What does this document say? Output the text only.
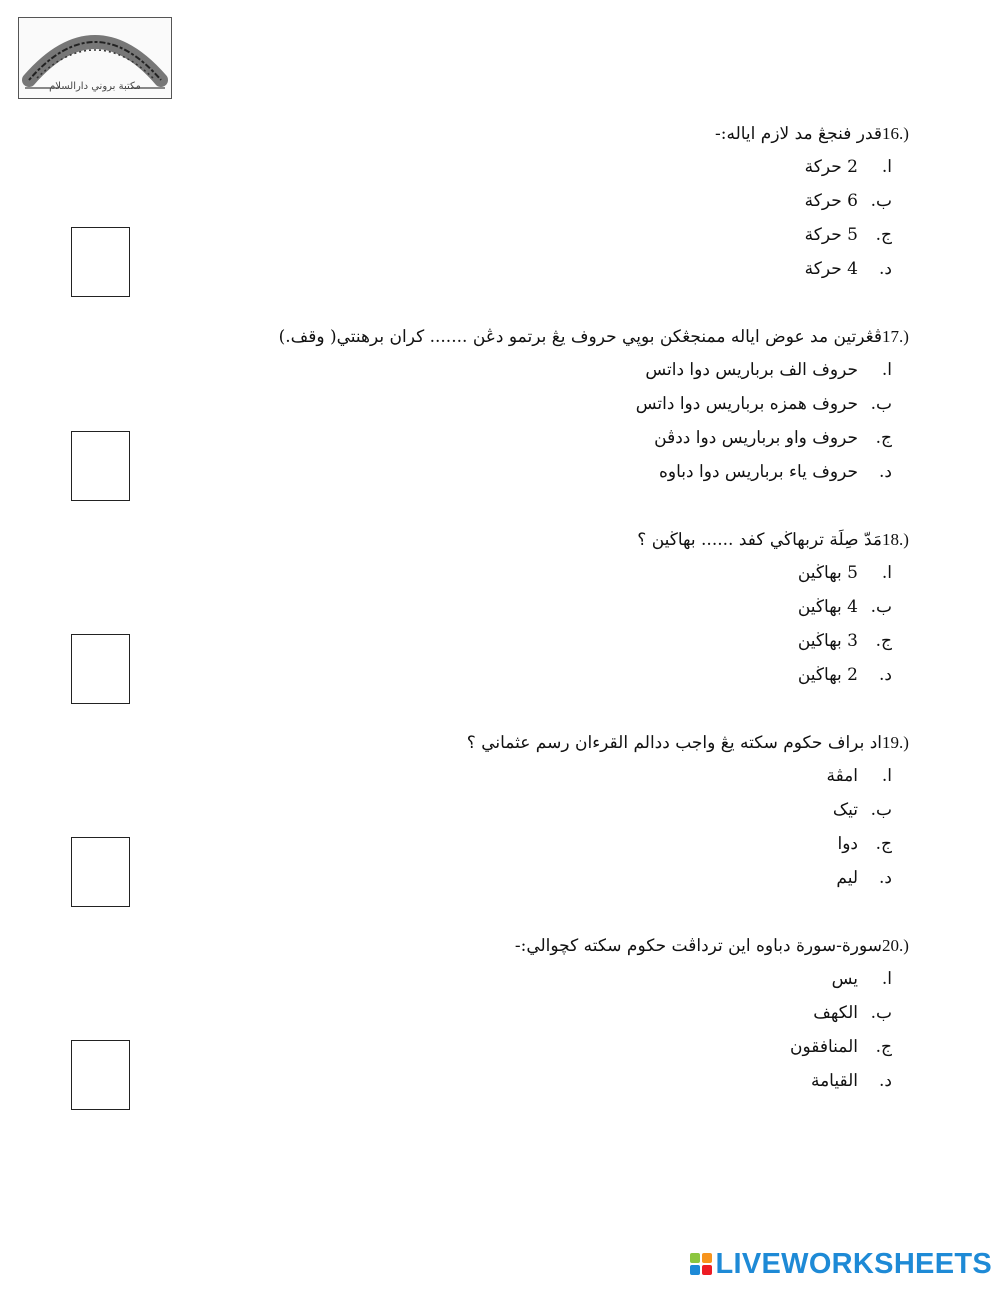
مكتبة بروني دارالسلام
16.)
قدر فنجڠ مد لازم اياله:-
ا.
2 حركة
ب.
6 حركة
ج.
5 حركة
د.
4 حركة
17.)
ڤڠرتين مد عوض اياله ممنجڠكن بوپي حروف يڠ برتمو دڠن ....... كران برهنتي( وقف.)
ا.
حروف الف برباريس دوا داتس
ب.
حروف همزه برباريس دوا داتس
ج.
حروف واو برباريس دوا ددڤن
د.
حروف ياء برباريس دوا دباوه
18.)
مَدّ صِلَة تربهاڬي كفد ...... بهاڬين ؟
ا.
5 بهاڬين
ب.
4 بهاڬين
ج.
3 بهاڬين
د.
2 بهاڬين
19.)
اد براف حكوم سكته يڠ واجب ددالم القرءان رسم عثماني ؟
ا.
امڤة
ب.
تيک
ج.
دوا
د.
ليم
20.)
سورة-سورة دباوه اين ترداڤت حكوم سكته كچوالي:-
ا.
يس
ب.
الكهف
ج.
المنافقون
د.
القيامة
LIVEWORKSHEETS
